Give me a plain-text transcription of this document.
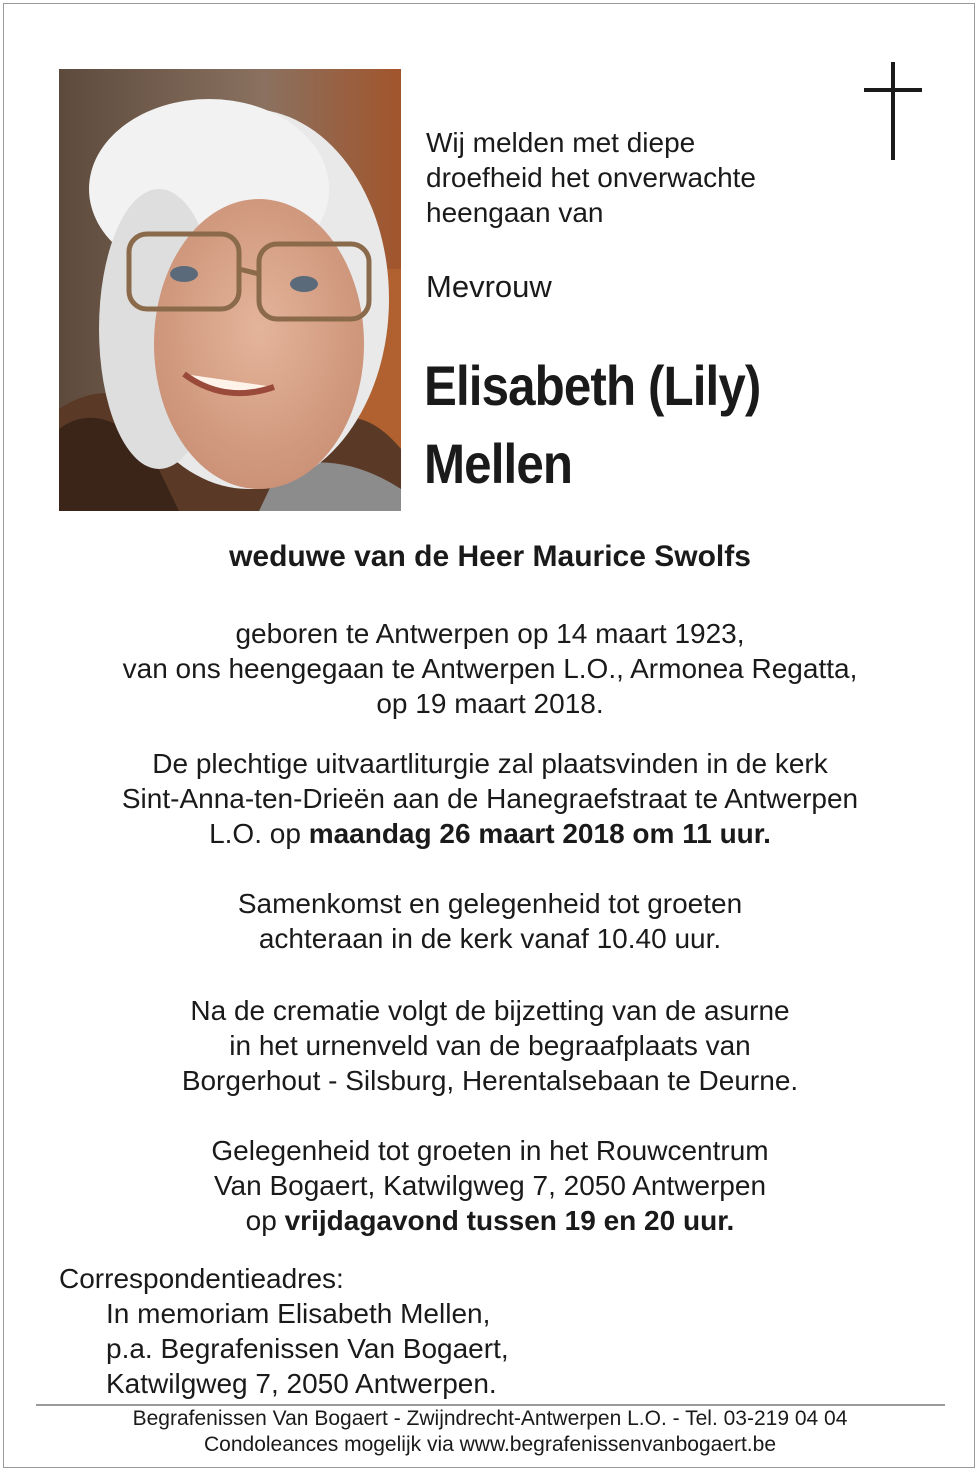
Wij melden met diepe
droefheid het onverwachte
heengaan van
Mevrouw
Elisabeth (Lily)
Mellen
weduwe van de Heer Maurice Swolfs
geboren te Antwerpen op 14 maart 1923,
van ons heengegaan te Antwerpen L.O., Armonea Regatta,
op 19 maart 2018.
De plechtige uitvaartliturgie zal plaatsvinden in de kerk
Sint-Anna-ten-Drieën aan de Hanegraefstraat te Antwerpen
L.O. op maandag 26 maart 2018 om 11 uur.
Samenkomst en gelegenheid tot groeten
achteraan in de kerk vanaf 10.40 uur.
Na de crematie volgt de bijzetting van de asurne
in het urnenveld van de begraafplaats van
Borgerhout - Silsburg, Herentalsebaan te Deurne.
Gelegenheid tot groeten in het Rouwcentrum
Van Bogaert, Katwilgweg 7, 2050 Antwerpen
op vrijdagavond tussen 19 en 20 uur.
Correspondentieadres:
In memoriam Elisabeth Mellen,
p.a. Begrafenissen Van Bogaert,
Katwilgweg 7, 2050 Antwerpen.
Begrafenissen Van Bogaert - Zwijndrecht-Antwerpen L.O. - Tel. 03-219 04 04
Condoleances mogelijk via www.begrafenissenvanbogaert.be
